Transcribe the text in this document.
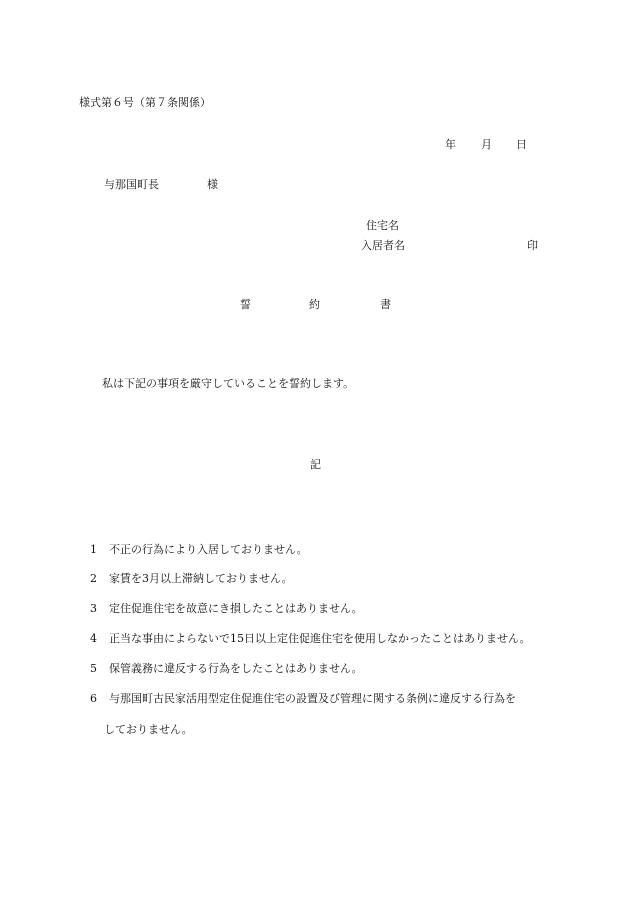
様式第６号（第７条関係）
年 月 日
与那国町長	様
住宅名
入居者名	印
誓	約	書
私は下記の事項を厳守していることを誓約します。
記
1 不正の行為により入居しておりません。
2 家賃を3月以上滞納しておりません。
3 定住促進住宅を故意にき損したことはありません。
4 正当な事由によらないで15日以上定住促進住宅を使用しなかったことはありません。
5 保管義務に違反する行為をしたことはありません。
6 与那国町古民家活用型定住促進住宅の設置及び管理に関する条例に違反する行為を
しておりません。
